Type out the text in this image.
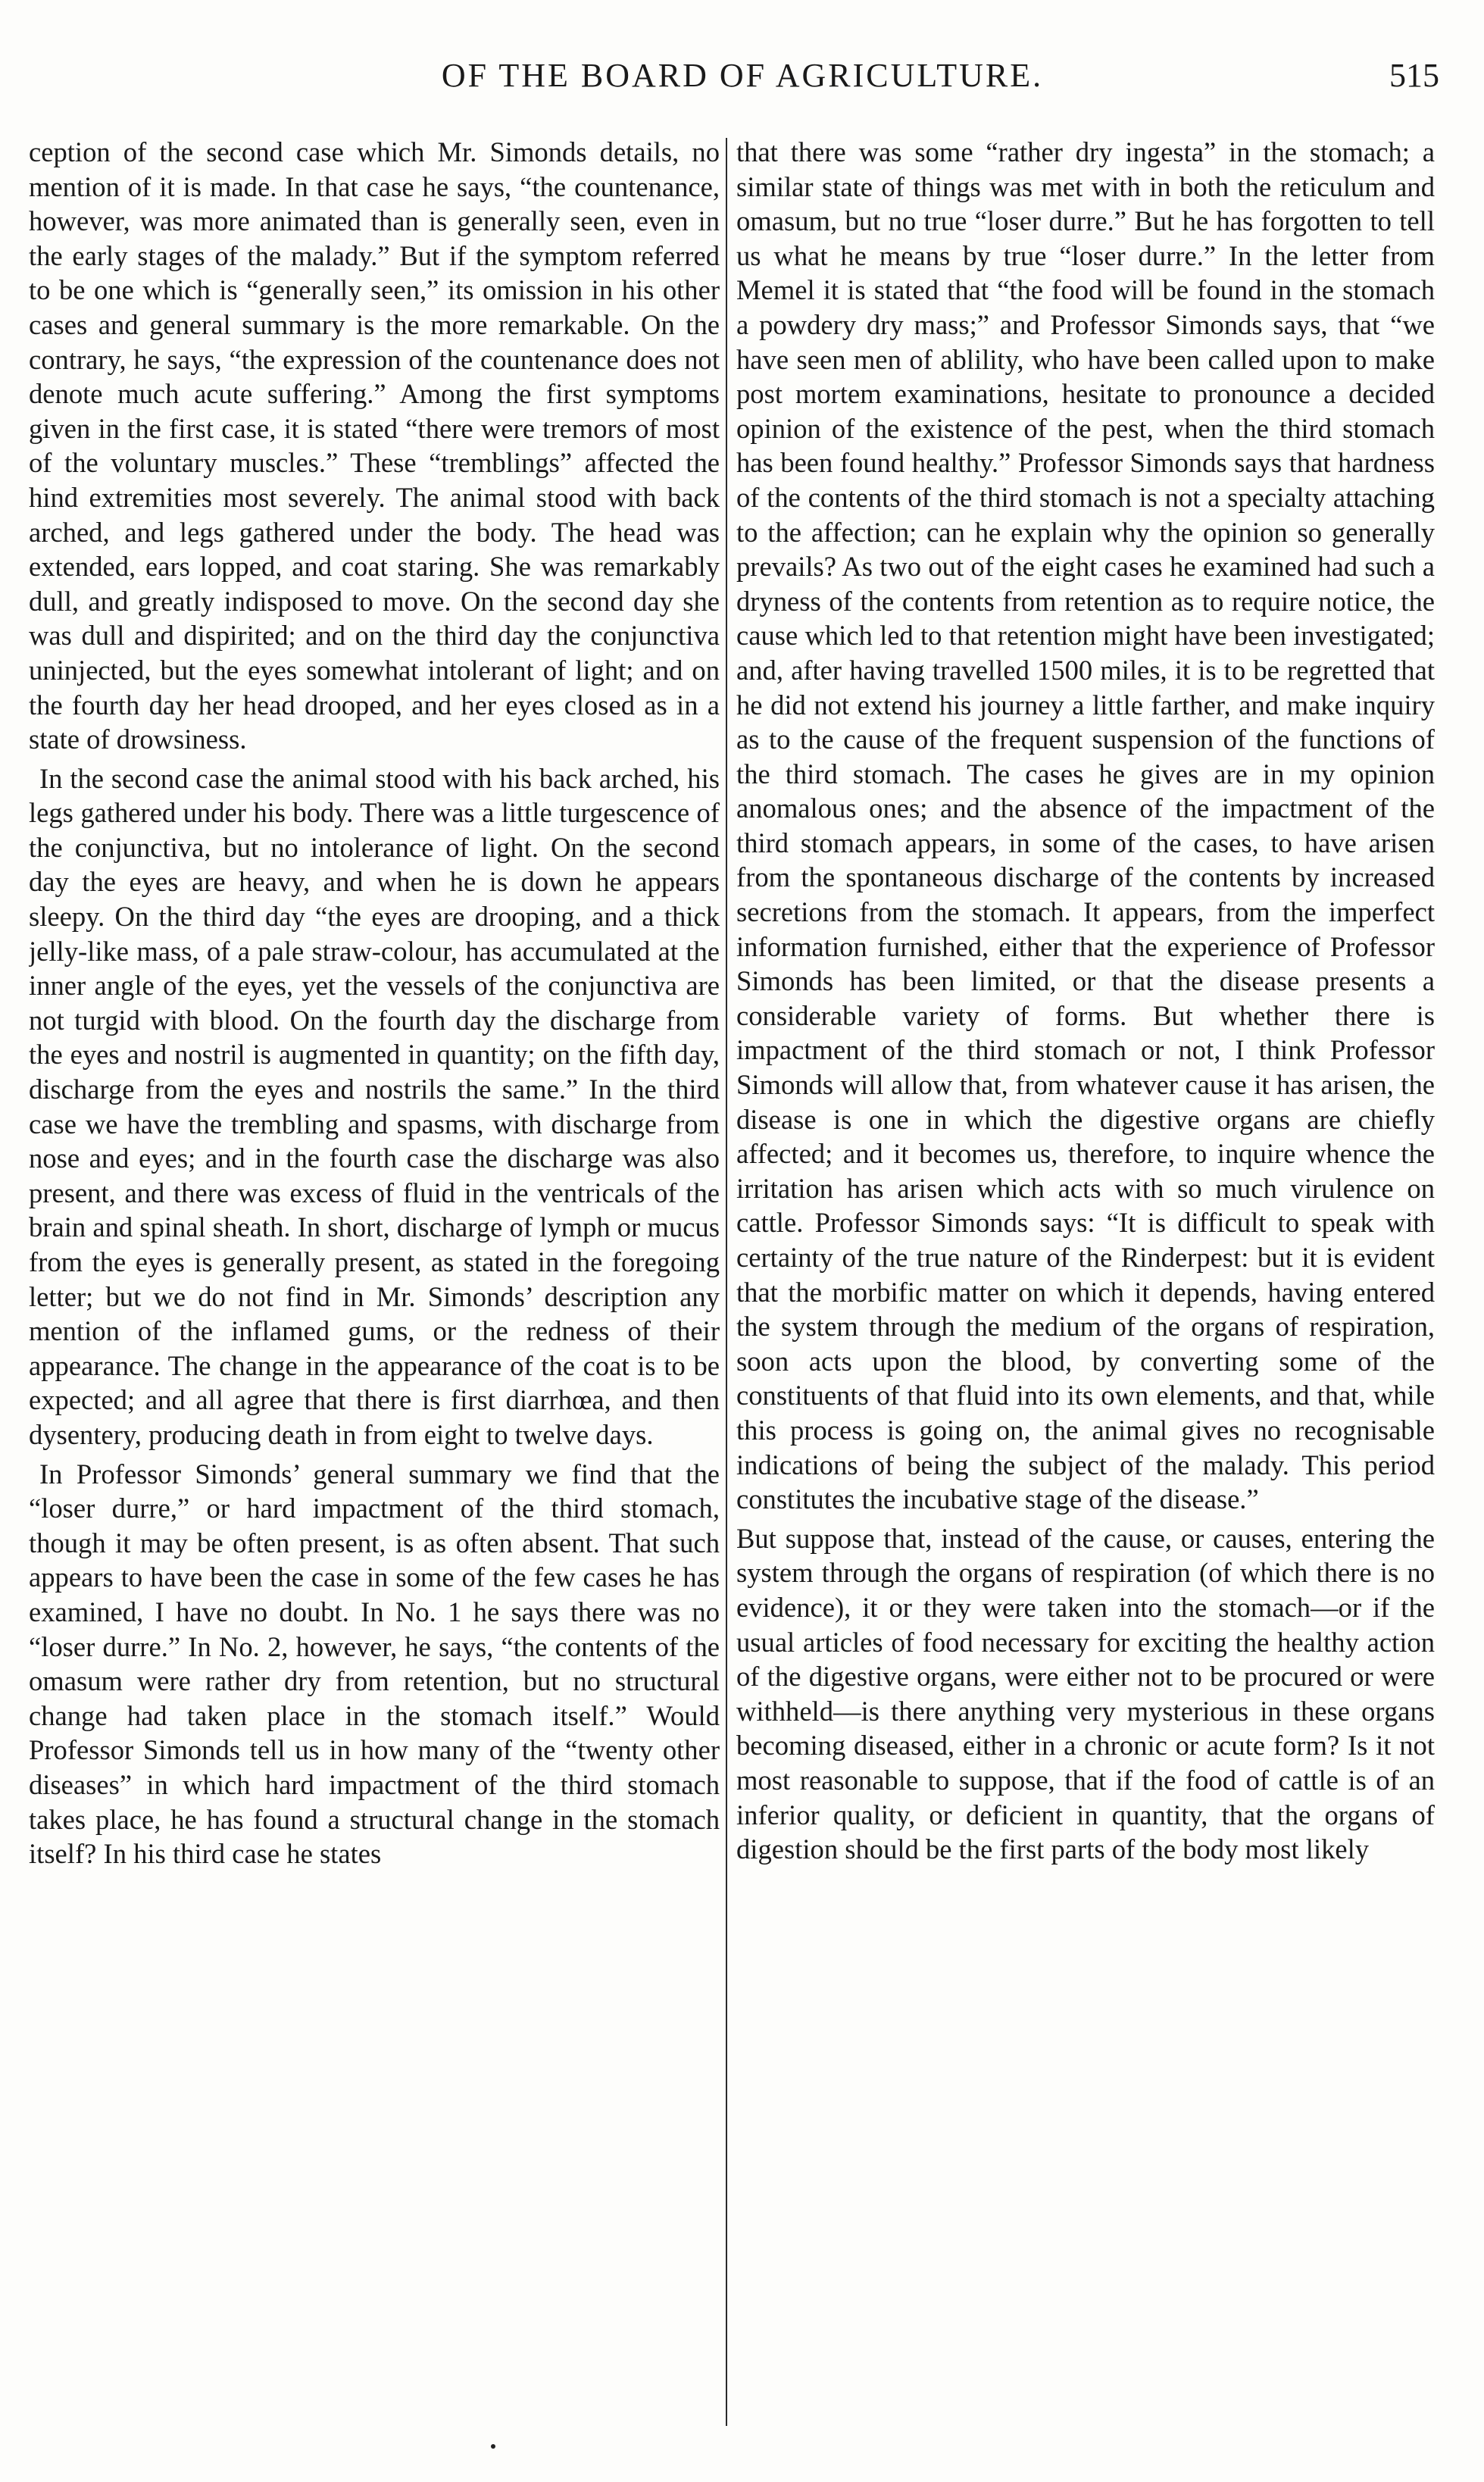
OF THE BOARD OF AGRICULTURE.	515

ception of the second case which Mr. Simonds details, no mention of it is made. In that case he says, “the countenance, however, was more animated than is generally seen, even in the early stages of the malady.” But if the symptom referred to be one which is “generally seen,” its omission in his other cases and general summary is the more remarkable. On the contrary, he says, “the expression of the countenance does not denote much acute suffering.” Among the first symptoms given in the first case, it is stated “there were tremors of most of the voluntary muscles.” These “tremblings” affected the hind extremities most severely. The animal stood with back arched, and legs gathered under the body. The head was extended, ears lopped, and coat staring. She was remarkably dull, and greatly indisposed to move. On the second day she was dull and dispirited; and on the third day the conjunctiva uninjected, but the eyes somewhat intolerant of light; and on the fourth day her head drooped, and her eyes closed as in a state of drowsiness.

In the second case the animal stood with his back arched, his legs gathered under his body. There was a little turgescence of the conjunctiva, but no intolerance of light. On the second day the eyes are heavy, and when he is down he appears sleepy. On the third day “the eyes are drooping, and a thick jelly-like mass, of a pale straw-colour, has accumulated at the inner angle of the eyes, yet the vessels of the conjunctiva are not turgid with blood. On the fourth day the discharge from the eyes and nostril is augmented in quantity; on the fifth day, discharge from the eyes and nostrils the same.” In the third case we have the trembling and spasms, with discharge from nose and eyes; and in the fourth case the discharge was also present, and there was excess of fluid in the ventricals of the brain and spinal sheath. In short, discharge of lymph or mucus from the eyes is generally present, as stated in the foregoing letter; but we do not find in Mr. Simonds’ description any mention of the inflamed gums, or the redness of their appearance. The change in the appearance of the coat is to be expected; and all agree that there is first diarrhœa, and then dysentery, producing death in from eight to twelve days.

In Professor Simonds’ general summary we find that the “loser durre,” or hard impactment of the third stomach, though it may be often present, is as often absent. That such appears to have been the case in some of the few cases he has examined, I have no doubt. In No. 1 he says there was no “loser durre.” In No. 2, however, he says, “the contents of the omasum were rather dry from retention, but no structural change had taken place in the stomach itself.” Would Professor Simonds tell us in how many of the “twenty other diseases” in which hard impactment of the third stomach takes place, he has found a structural change in the stomach itself? In his third case he states

that there was some “rather dry ingesta” in the stomach; a similar state of things was met with in both the reticulum and omasum, but no true “loser durre.” But he has forgotten to tell us what he means by true “loser durre.” In the letter from Memel it is stated that “the food will be found in the stomach a powdery dry mass;” and Professor Simonds says, that “we have seen men of ablility, who have been called upon to make post mortem examinations, hesitate to pronounce a decided opinion of the existence of the pest, when the third stomach has been found healthy.” Professor Simonds says that hardness of the contents of the third stomach is not a specialty attaching to the affection; can he explain why the opinion so generally prevails? As two out of the eight cases he examined had such a dryness of the contents from retention as to require notice, the cause which led to that retention might have been investigated; and, after having travelled 1500 miles, it is to be regretted that he did not extend his journey a little farther, and make inquiry as to the cause of the frequent suspension of the functions of the third stomach. The cases he gives are in my opinion anomalous ones; and the absence of the impactment of the third stomach appears, in some of the cases, to have arisen from the spontaneous discharge of the contents by increased secretions from the stomach. It appears, from the imperfect information furnished, either that the experience of Professor Simonds has been limited, or that the disease presents a considerable variety of forms. But whether there is impactment of the third stomach or not, I think Professor Simonds will allow that, from whatever cause it has arisen, the disease is one in which the digestive organs are chiefly affected; and it becomes us, therefore, to inquire whence the irritation has arisen which acts with so much virulence on cattle. Professor Simonds says: “It is difficult to speak with certainty of the true nature of the Rinderpest: but it is evident that the morbific matter on which it depends, having entered the system through the medium of the organs of respiration, soon acts upon the blood, by converting some of the constituents of that fluid into its own elements, and that, while this process is going on, the animal gives no recognisable indications of being the subject of the malady. This period constitutes the incubative stage of the disease.”

But suppose that, instead of the cause, or causes, entering the system through the organs of respiration (of which there is no evidence), it or they were taken into the stomach—or if the usual articles of food necessary for exciting the healthy action of the digestive organs, were either not to be procured or were withheld—is there anything very mysterious in these organs becoming diseased, either in a chronic or acute form? Is it not most reasonable to suppose, that if the food of cattle is of an inferior quality, or deficient in quantity, that the organs of digestion should be the first parts of the body most likely
